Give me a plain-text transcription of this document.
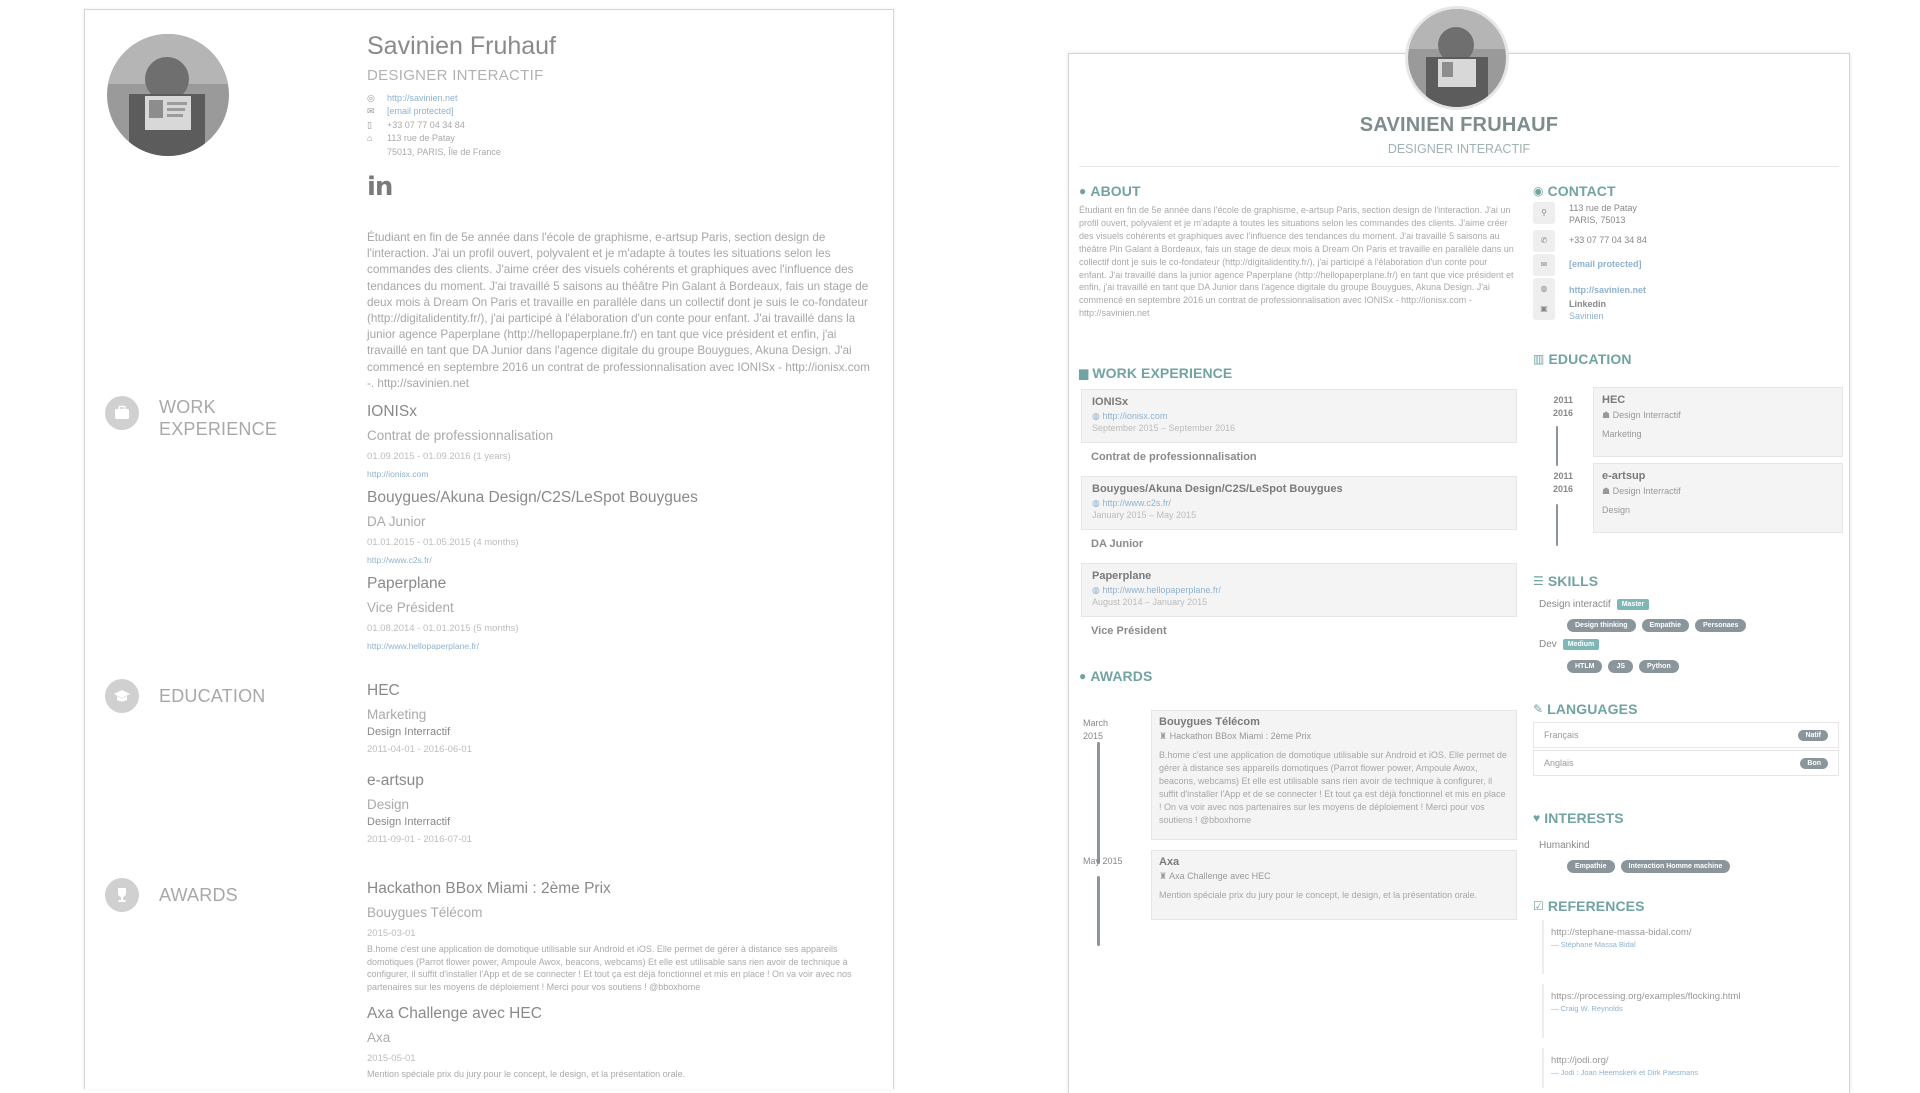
Savinien Fruhauf
DESIGNER INTERACTIF
◎	http://savinien.net
✉	[email protected]
▯	+33 07 77 04 34 84
⌂	113 rue de Patay
75013, PARIS, Île de France
in
Étudiant en fin de 5e année dans l'école de graphisme, e-artsup Paris, section design de l'interaction. J'ai un profil ouvert, polyvalent et je m'adapte à toutes les situations selon les commandes des clients. J'aime créer des visuels cohérents et graphiques avec l'influence des tendances du moment. J'ai travaillé 5 saisons au théâtre Pin Galant à Bordeaux, fais un stage de deux mois à Dream On Paris et travaille en parallèle dans un collectif dont je suis le co-fondateur (http://digitalidentity.fr/), j'ai participé à l'élaboration d'un conte pour enfant. J'ai travaillé dans la junior agence Paperplane (http://hellopaperplane.fr/) en tant que vice président et enfin, j'ai travaillé en tant que DA Junior dans l'agence digitale du groupe Bouygues, Akuna Design. J'ai commencé en septembre 2016 un contrat de professionnalisation avec IONISx - http://ionisx.com -. http://savinien.net
WORK EXPERIENCE
IONISx
Contrat de professionnalisation
01.09.2015 - 01.09.2016 (1 years)
http://ionisx.com
Bouygues/Akuna Design/C2S/LeSpot Bouygues
DA Junior
01.01.2015 - 01.05.2015 (4 months)
http://www.c2s.fr/
Paperplane
Vice Président
01.08.2014 - 01.01.2015 (5 months)
http://www.hellopaperplane.fr/
EDUCATION	HEC
Marketing
Design Interractif
2011-04-01 - 2016-06-01
e-artsup
Design
Design Interractif
2011-09-01 - 2016-07-01
AWARDS	Hackathon BBox Miami : 2ème Prix
Bouygues Télécom
2015-03-01
B.home c'est une application de domotique utilisable sur Android et iOS. Elle permet de gérer à distance ses appareils domotiques (Parrot flower power, Ampoule Awox, beacons, webcams) Et elle est utilisable sans rien avoir de technique à configurer, il suffit d'installer l'App et de se connecter ! Et tout ça est déjà fonctionnel et mis en place ! On va voir avec nos partenaires sur les moyens de déploiement ! Merci pour vos soutiens ! @bboxhome
Axa Challenge avec HEC
Axa
2015-05-01
Mention spéciale prix du jury pour le concept, le design, et la présentation orale.
SAVINIEN FRUHAUF
DESIGNER INTERACTIF
● ABOUT
Étudiant en fin de 5e année dans l'école de graphisme, e-artsup Paris, section design de l'interaction. J'ai un profil ouvert, polyvalent et je m'adapte à toutes les situations selon les commandes des clients. J'aime créer des visuels cohérents et graphiques avec l'influence des tendances du moment. J'ai travaillé 5 saisons au théâtre Pin Galant à Bordeaux, fais un stage de deux mois à Dream On Paris et travaille en parallèle dans un collectif dont je suis le co-fondateur (http://digitalidentity.fr/), j'ai participé à l'élaboration d'un conte pour enfant. J'ai travaillé dans la junior agence Paperplane (http://hellopaperplane.fr/) en tant que vice président et enfin, j'ai travaillé en tant que DA Junior dans l'agence digitale du groupe Bouygues, Akuna Design. J'ai commencé en septembre 2016 un contrat de professionnalisation avec IONISx - http://ionisx.com - http://savinien.net
▆ WORK EXPERIENCE
IONISx
◍ http://ionisx.com
September 2015 – September 2016
Contrat de professionnalisation
Bouygues/Akuna Design/C2S/LeSpot Bouygues
◍ http://www.c2s.fr/
January 2015 – May 2015
DA Junior
Paperplane
◍ http://www.hellopaperplane.fr/
August 2014 – January 2015
Vice Président
● AWARDS
March
2015
Bouygues Télécom
♜ Hackathon BBox Miami : 2ème Prix
B.home c'est une application de domotique utilisable sur Android et iOS. Elle permet de gérer à distance ses appareils domotiques (Parrot flower power, Ampoule Awox, beacons, webcams) Et elle est utilisable sans rien avoir de technique à configurer, il suffit d'installer l'App et de se connecter ! Et tout ça est déjà fonctionnel et mis en place ! On va voir avec nos partenaires sur les moyens de déploiement ! Merci pour vos soutiens ! @bboxhome
May 2015	Axa
♜ Axa Challenge avec HEC
Mention spéciale prix du jury pour le concept, le design, et la présentation orale.
◉ CONTACT
⚲	113 rue de Patay
PARIS, 75013
✆	+33 07 77 04 34 84
✉	[email protected]
◍	http://savinien.net
▣	Linkedin
Savinien
▥ EDUCATION
2011
2016
HEC
☗ Design Interractif
Marketing
2011
2016
e-artsup
☗ Design Interractif
Design
☰ SKILLS
Design interactif	Master
Design thinking	Empathie	Personaes
Dev	Medium
HTLM	JS	Python
✎ LANGUAGES
Français	Natif
Anglais	Bon
♥ INTERESTS
Humankind
Empathie	Interaction Homme machine
☑ REFERENCES
http://stephane-massa-bidal.com/
— Stéphane Massa Bidal
https://processing.org/examples/flocking.html
— Craig W. Reynolds
http://jodi.org/
— Jodi : Joan Heemskerk et Dirk Paesmans
